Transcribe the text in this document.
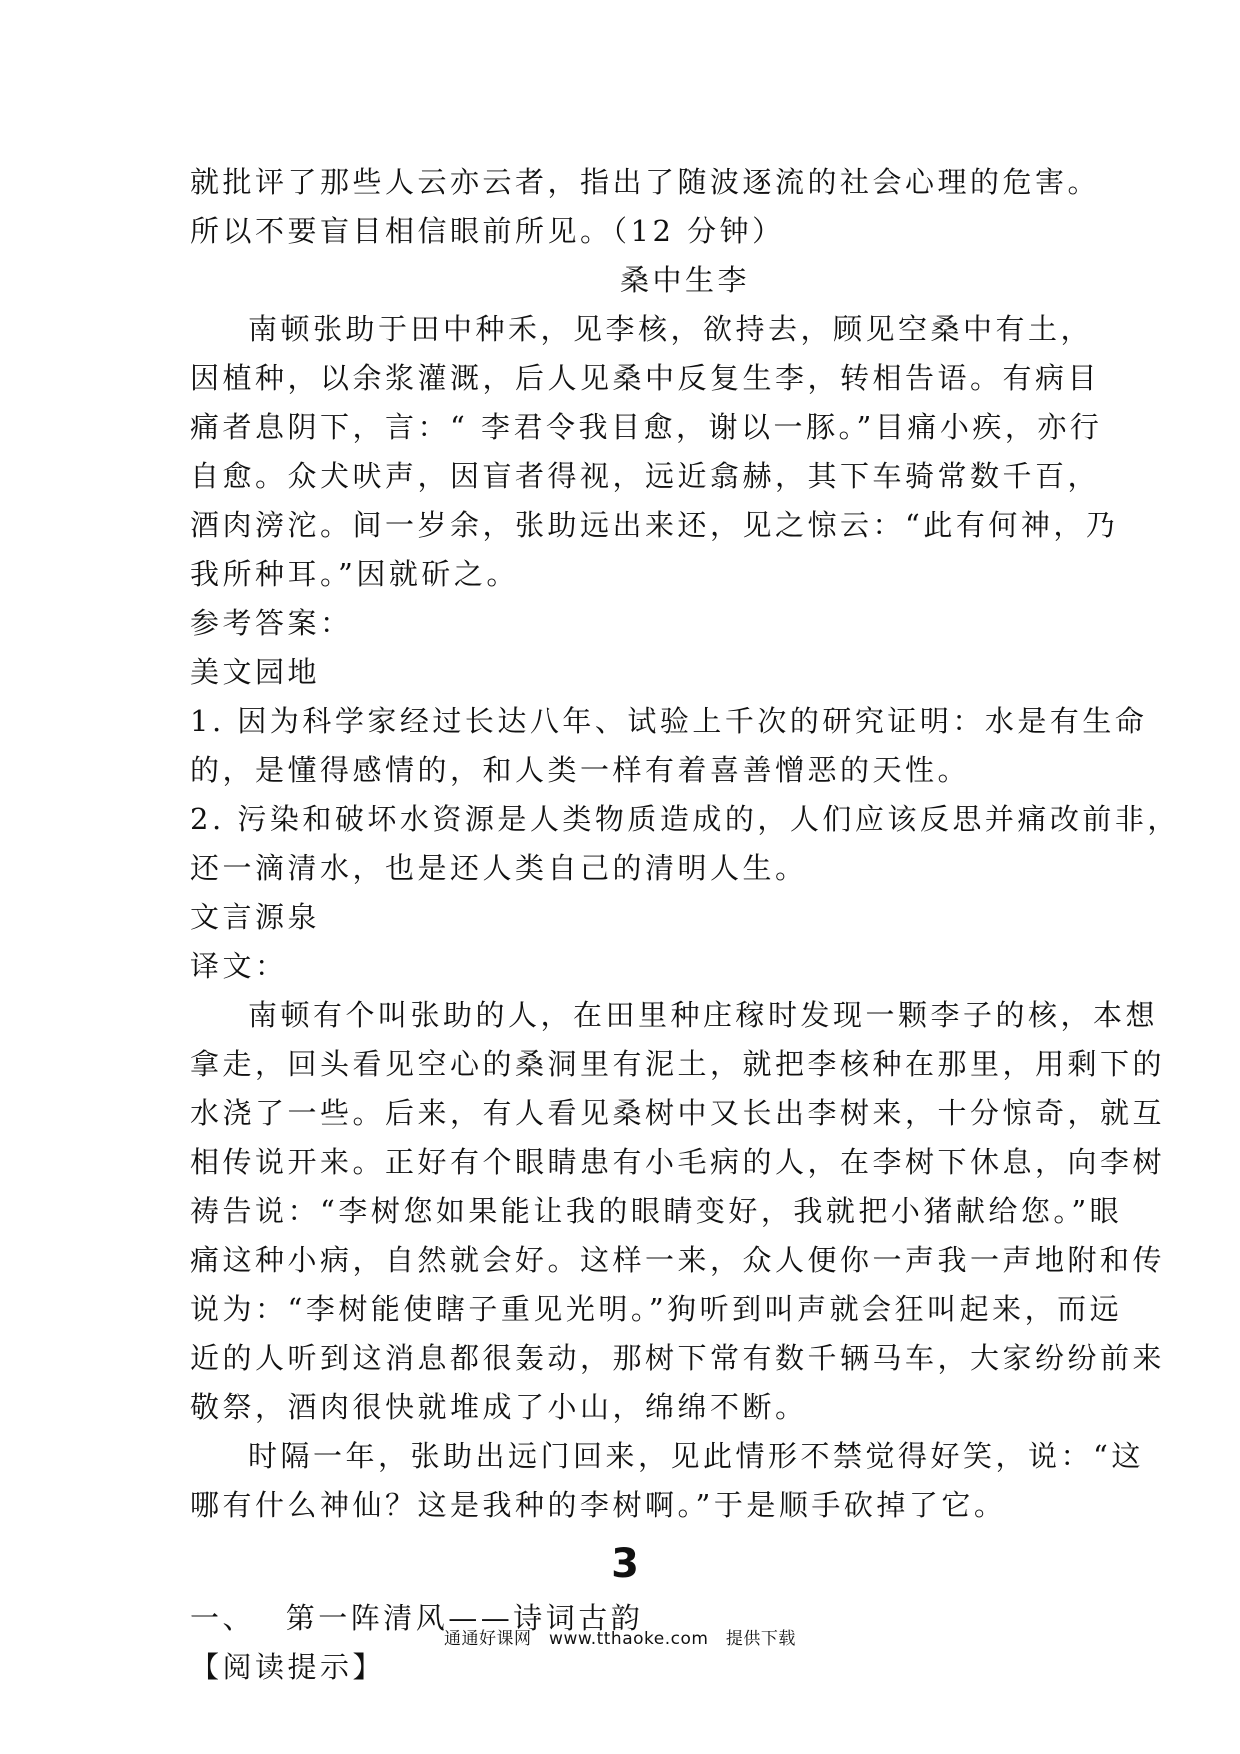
就批评了那些人云亦云者，指出了随波逐流的社会心理的危害。
所以不要盲目相信眼前所见。（12 分钟）
桑中生李
南顿张助于田中种禾，见李核，欲持去，顾见空桑中有土，
因植种，以余浆灌溉，后人见桑中反复生李，转相告语。有病目
痛者息阴下，言：“ 李君令我目愈，谢以一豚。”目痛小疾，亦行
自愈。众犬吠声，因盲者得视，远近翕赫，其下车骑常数千百，
酒肉滂沱。间一岁余，张助远出来还，见之惊云：“此有何神，乃
我所种耳。”因就斫之。
参考答案：
美文园地
1. 因为科学家经过长达八年、试验上千次的研究证明：水是有生命
的，是懂得感情的，和人类一样有着喜善憎恶的天性。
2. 污染和破坏水资源是人类物质造成的，人们应该反思并痛改前非，
还一滴清水，也是还人类自己的清明人生。
文言源泉
译文：
南顿有个叫张助的人，在田里种庄稼时发现一颗李子的核，本想
拿走，回头看见空心的桑洞里有泥土，就把李核种在那里，用剩下的
水浇了一些。后来，有人看见桑树中又长出李树来，十分惊奇，就互
相传说开来。正好有个眼睛患有小毛病的人，在李树下休息，向李树
祷告说：“李树您如果能让我的眼睛变好，我就把小猪献给您。”眼
痛这种小病，自然就会好。这样一来，众人便你一声我一声地附和传
说为：“李树能使瞎子重见光明。”狗听到叫声就会狂叫起来，而远
近的人听到这消息都很轰动，那树下常有数千辆马车，大家纷纷前来
敬祭，酒肉很快就堆成了小山，绵绵不断。
时隔一年，张助出远门回来，见此情形不禁觉得好笑，说：“这
哪有什么神仙？这是我种的李树啊。”于是顺手砍掉了它。
3
一、　 第一阵清风——诗词古韵
【阅读提示】
通通好课网　www.tthaoke.com　提供下载
